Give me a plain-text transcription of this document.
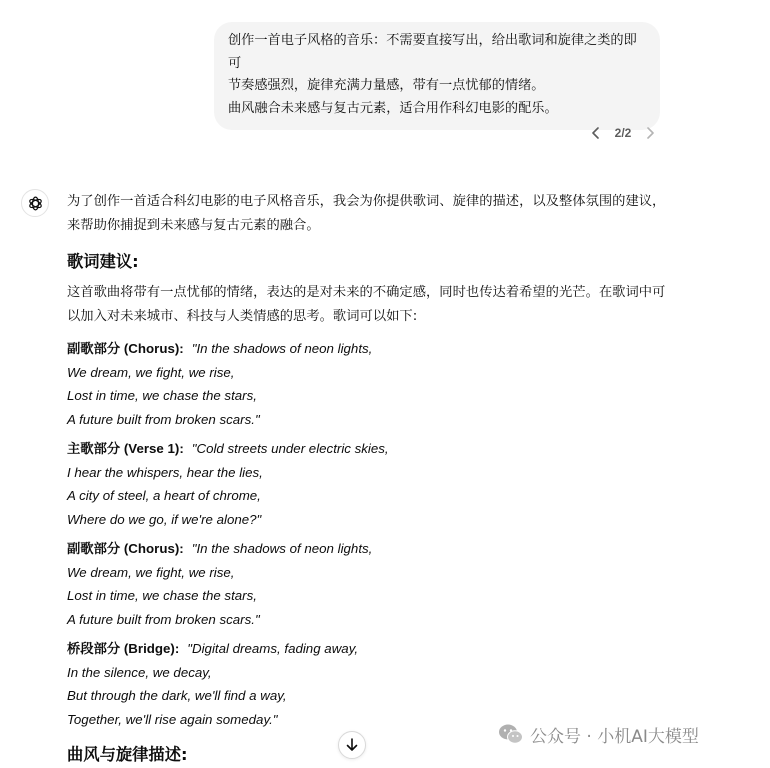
创作一首电子风格的音乐：不需要直接写出，给出歌词和旋律之类的即可

节奏感强烈，旋律充满力量感，带有一点忧郁的情绪。

曲风融合未来感与复古元素，适合用作科幻电影的配乐。

2/2

为了创作一首适合科幻电影的电子风格音乐，我会为你提供歌词、旋律的描述，以及整体氛围的建议，来帮助你捕捉到未来感与复古元素的融合。

歌词建议:

这首歌曲将带有一点忧郁的情绪，表达的是对未来的不确定感，同时也传达着希望的光芒。在歌词中可以加入对未来城市、科技与人类情感的思考。歌词可以如下:

副歌部分 (Chorus): "In the shadows of neon lights,
We dream, we fight, we rise,
Lost in time, we chase the stars,
A future built from broken scars."
主歌部分 (Verse 1): "Cold streets under electric skies,
I hear the whispers, hear the lies,
A city of steel, a heart of chrome,
Where do we go, if we're alone?"
副歌部分 (Chorus): "In the shadows of neon lights,
We dream, we fight, we rise,
Lost in time, we chase the stars,
A future built from broken scars."
桥段部分 (Bridge): "Digital dreams, fading away,
In the silence, we decay,
But through the dark, we'll find a way,
Together, we'll rise again someday."
曲风与旋律描述:
公众号 · 小机AI大模型
